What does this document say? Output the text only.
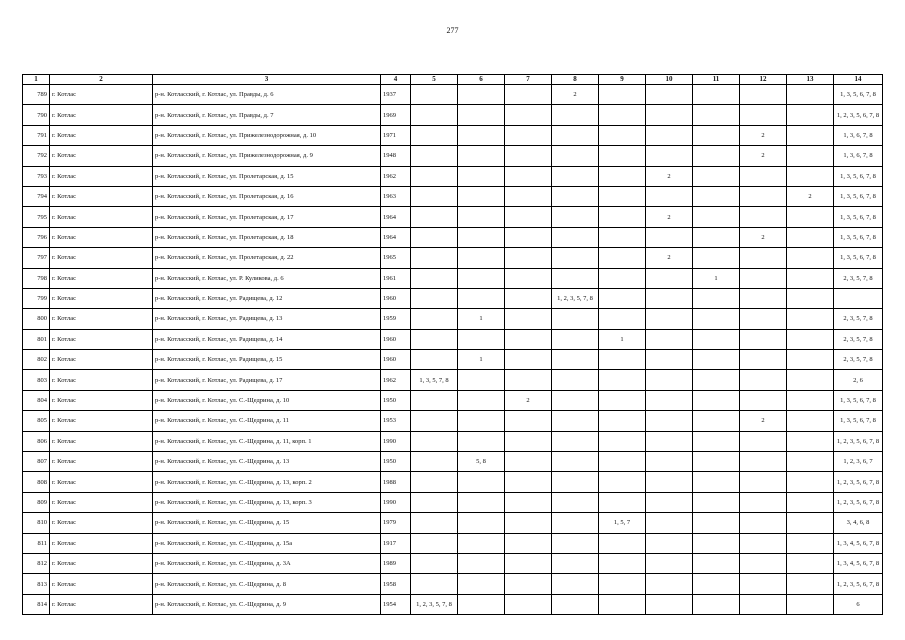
277
1	2	3	4	5	6	7	8	9	10	11	12	13	14
789	г. Котлас	р-н. Котласский, г. Котлас, ул. Правды, д. 6	1937				2						1, 3, 5, 6, 7, 8
790	г. Котлас	р-н. Котласский, г. Котлас, ул. Правды, д. 7	1969										1, 2, 3, 5, 6, 7, 8
791	г. Котлас	р-н. Котласский, г. Котлас, ул. Прижелезнодорожная, д. 10	1971								2		1, 3, 6, 7, 8
792	г. Котлас	р-н. Котласский, г. Котлас, ул. Прижелезнодорожная, д. 9	1948								2		1, 3, 6, 7, 8
793	г. Котлас	р-н. Котласский, г. Котлас, ул. Пролетарская, д. 15	1962						2				1, 3, 5, 6, 7, 8
794	г. Котлас	р-н. Котласский, г. Котлас, ул. Пролетарская, д. 16	1963									2	1, 3, 5, 6, 7, 8
795	г. Котлас	р-н. Котласский, г. Котлас, ул. Пролетарская, д. 17	1964						2				1, 3, 5, 6, 7, 8
796	г. Котлас	р-н. Котласский, г. Котлас, ул. Пролетарская, д. 18	1964								2		1, 3, 5, 6, 7, 8
797	г. Котлас	р-н. Котласский, г. Котлас, ул. Пролетарская, д. 22	1965						2				1, 3, 5, 6, 7, 8
798	г. Котлас	р-н. Котласский, г. Котлас, ул. Р. Куликова, д. 6	1961							1			2, 3, 5, 7, 8
799	г. Котлас	р-н. Котласский, г. Котлас, ул. Радищева, д. 12	1960				1, 2, 3, 5, 7, 8						
800	г. Котлас	р-н. Котласский, г. Котлас, ул. Радищева, д. 13	1959		1								2, 3, 5, 7, 8
801	г. Котлас	р-н. Котласский, г. Котлас, ул. Радищева, д. 14	1960					1					2, 3, 5, 7, 8
802	г. Котлас	р-н. Котласский, г. Котлас, ул. Радищева, д. 15	1960		1								2, 3, 5, 7, 8
803	г. Котлас	р-н. Котласский, г. Котлас, ул. Радищева, д. 17	1962	1, 3, 5, 7, 8									2, 6
804	г. Котлас	р-н. Котласский, г. Котлас, ул. С.-Щедрина, д. 10	1950			2							1, 3, 5, 6, 7, 8
805	г. Котлас	р-н. Котласский, г. Котлас, ул. С.-Щедрина, д. 11	1953								2		1, 3, 5, 6, 7, 8
806	г. Котлас	р-н. Котласский, г. Котлас, ул. С.-Щедрина, д. 11, корп. 1	1990										1, 2, 3, 5, 6, 7, 8
807	г. Котлас	р-н. Котласский, г. Котлас, ул. С.-Щедрина, д. 13	1950		5, 8								1, 2, 3, 6, 7
808	г. Котлас	р-н. Котласский, г. Котлас, ул. С.-Щедрина, д. 13, корп. 2	1988										1, 2, 3, 5, 6, 7, 8
809	г. Котлас	р-н. Котласский, г. Котлас, ул. С.-Щедрина, д. 13, корп. 3	1990										1, 2, 3, 5, 6, 7, 8
810	г. Котлас	р-н. Котласский, г. Котлас, ул. С.-Щедрина, д. 15	1979					1, 5, 7					3, 4, 6, 8
811	г. Котлас	р-н. Котласский, г. Котлас, ул. С.-Щедрина, д. 15а	1917										1, 3, 4, 5, 6, 7, 8
812	г. Котлас	р-н. Котласский, г. Котлас, ул. С.-Щедрина, д. 3А	1989										1, 3, 4, 5, 6, 7, 8
813	г. Котлас	р-н. Котласский, г. Котлас, ул. С.-Щедрина, д. 8	1958										1, 2, 3, 5, 6, 7, 8
814	г. Котлас	р-н. Котласский, г. Котлас, ул. С.-Щедрина, д. 9	1954	1, 2, 3, 5, 7, 8									6
